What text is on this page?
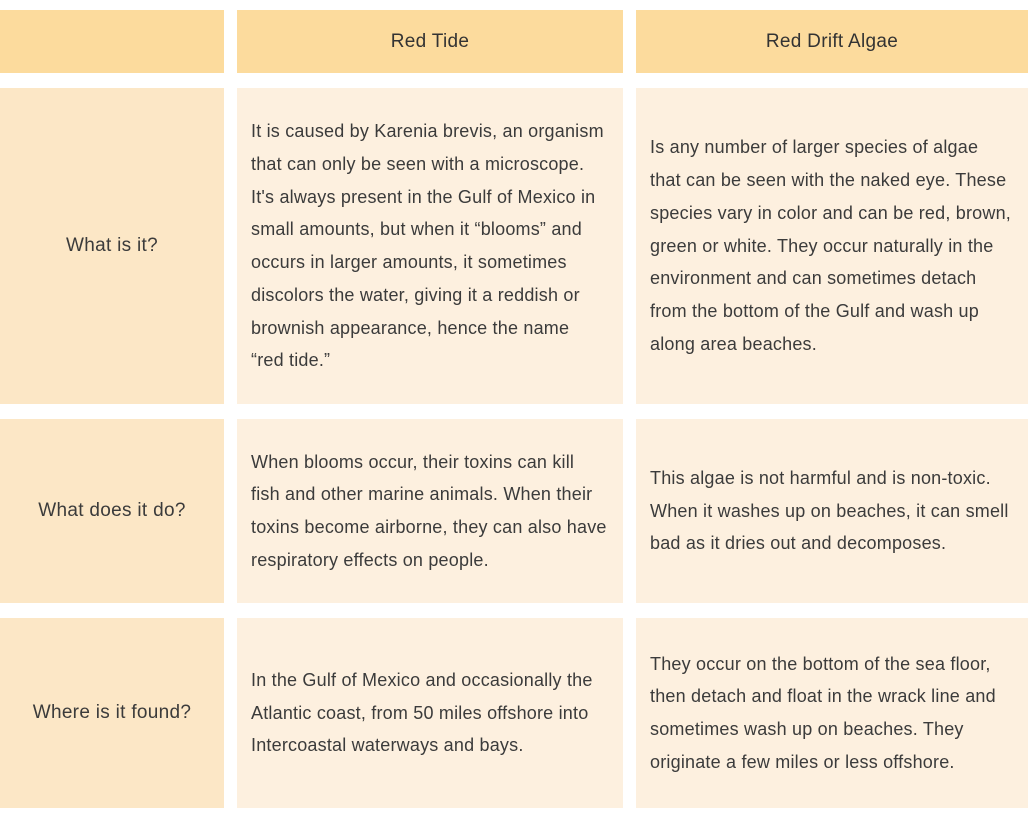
Red Tide	Red Drift Algae
What is it?

It is caused by Karenia brevis, an organism that can only be seen with a microscope. It's always present in the Gulf of Mexico in small amounts, but when it “blooms” and occurs in larger amounts, it sometimes discolors the water, giving it a reddish or brownish appearance, hence the name “red tide.”

Is any number of larger species of algae that can be seen with the naked eye. These species vary in color and can be red, brown, green or white. They occur naturally in the environment and can sometimes detach from the bottom of the Gulf and wash up along area beaches.

What does it do?

When blooms occur, their toxins can kill fish and other marine animals. When their toxins become airborne, they can also have respiratory effects on people.

This algae is not harmful and is non-toxic. When it washes up on beaches, it can smell bad as it dries out and decomposes.

Where is it found?

In the Gulf of Mexico and occasionally the Atlantic coast, from 50 miles offshore into Intercoastal waterways and bays.

They occur on the bottom of the sea floor, then detach and float in the wrack line and sometimes wash up on beaches. They originate a few miles or less offshore.
